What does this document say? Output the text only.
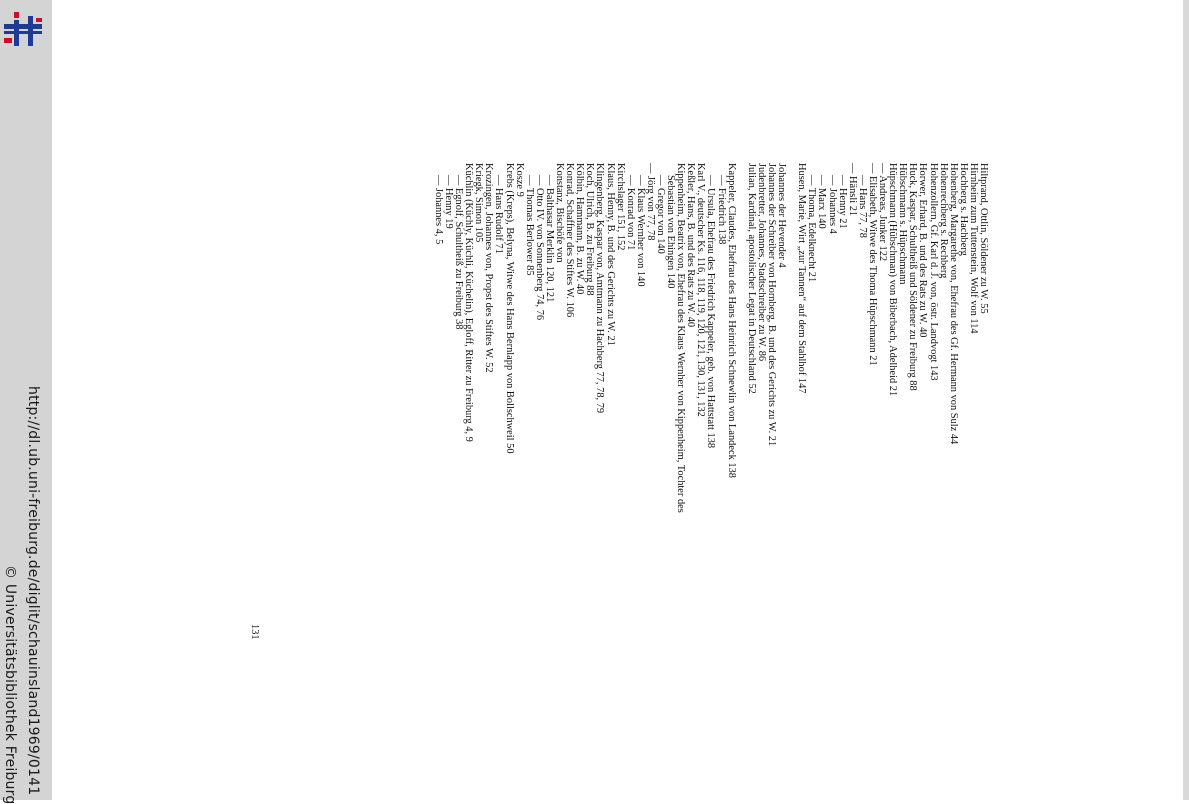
http://dl.ub.uni-freiburg.de/diglit/schauinsland1969/0141
© Universitätsbibliothek Freiburg
Hiltprand, Ottlin, Söldener zu W. 55
Hirnheim zum Tuttenstein, Wolf von 114
Hochberg s. Hachberg
Hohenberg, Margarethe von, Ehefrau des Gf. Hermann von Sulz 44
Hohenrechberg s. Rechberg
Hohenzollern, Gf. Karl d. J. von, östr. Landvogt 143
Horwer, Erhard, B. und des Rats zu W. 40
Huck, Kaspar, Schultheiß und Söldener zu Freiburg 88
Hübschmann s. Hüpschmann
Hüpschmann (Hübschman) von Biberbach, Adelheid 21
— Andreas, Junker 122
— Elisabeth, Witwe des Thoma Hüpschmann 21
— Hans 77, 78
— Hänsli 21
— Henny 21
— Johannes 4
— Marx 140
— Thoma, Edelknecht 21
Husen, Marie, Wirt „zur Tannen“ auf dem Stahlhof 147
Johannes der Hevender 4
Johannes der Schreiber von Hornberg, B. und des Gerichts zu W. 21
Judenbretter, Johannes, Stadtschreiber zu W. 86
Julian, Kardinal, apostolischer Legat in Deutschland 52
Kappeler, Claudes, Ehefrau des Hans Heinrich Schnewlin von Landeck 138
— Friedrich 138
— Ursula, Ehefrau des Friedrich Kappeler, geb. von Hattstatt 138
Karl V., deutscher Ks. 116, 118, 119, 120, 121, 130, 131, 132
Keßler, Hans, B. und des Rats zu W. 40
Kippenheim, Beatrix von, Ehefrau des Klaus Wernher von Kippenheim, Tochter des
Sebastian von Ehingen 140
— Gregor von 140
— Jörg von 77, 78
— Klaus Wernher von 140
— Konrad von 71
Kirchslager 151, 152
Klaus, Henny, B. und des Gerichts zu W. 21
Klingenberg, Kaspar von, Amtmann zu Hachberg 77, 78, 79
Koch, Ulrich, B. zu Freiburg 88
Kölbin, Hammann, B. zu W. 40
Konrad, Schaffner des Stiftes W. 106
Konstanz, Bischöfe von
— Balthasar Merklin 120, 121
— Otto IV. von Sonnenberg 74, 76
— Thomas Berlower 85
Kosze 9
Krebs (Kreps), Belyna, Witwe des Hans Bernlapp von Bollschweil 50
— Hans Rudolf 71
Krozingen, Johannes von, Propst des Stiftes W. 52
Kriegk, Simon 105
Küchlin (Küchly, Küchli, Küchelin), Egloff, Ritter zu Freiburg 4, 9
— Egnolf, Schultheiß zu Freiburg 38
— Henny 19
— Johannes 4, 5
131
